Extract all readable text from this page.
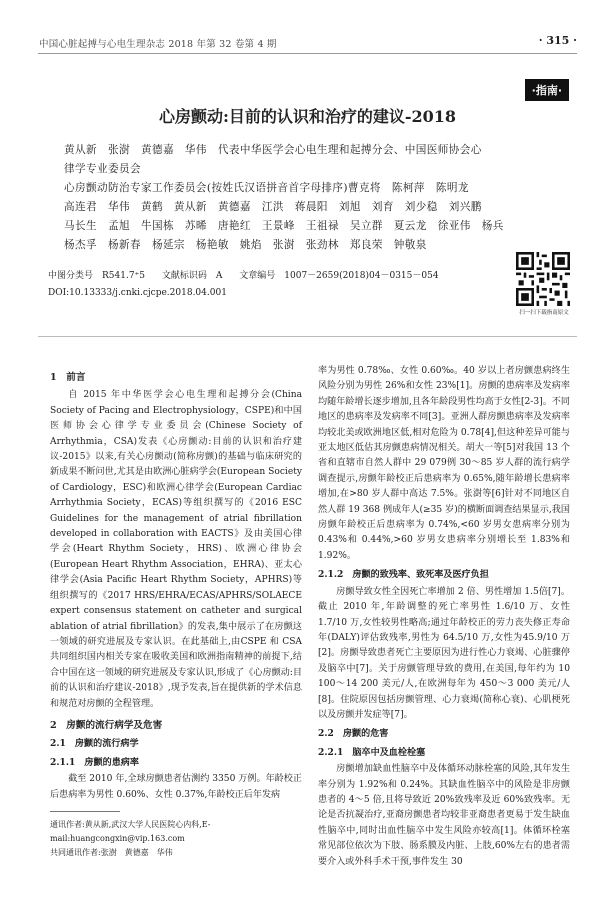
中国心脏起搏与心电生理杂志 2018 年第 32 卷第 4 期	· 315 ·
·指南·
心房颤动:目前的认识和治疗的建议-2018
黄从新　张澍　黄德嘉　华伟　代表中华医学会心电生理和起搏分会、中国医师协会心
律学专业委员会
心房颤动防治专家工作委员会(按姓氏汉语拼音首字母排序)曹克将　陈柯萍　陈明龙
高连君　华伟　黄鹤　黄从新　黄德嘉　江洪　蒋晨阳　刘旭　刘育　刘少稳　刘兴鹏
马长生　孟旭　牛国栋　苏晞　唐艳红　王景峰　王祖禄　吴立群　夏云龙　徐亚伟　杨兵
杨杰孚　杨新春　杨延宗　杨艳敏　姚焰　张澍　张劲林　郑良荣　钟敬泉
中图分类号　R541.7⁺5 文献标识码　A 文章编号　1007－2659(2018)04－0315－054
DOI:10.13333/j.cnki.cjcpe.2018.04.001
扫一扫下载指南原文
1　前言

自 2015 年中华医学会心电生理和起搏分会(China Society of Pacing and Electrophysiology，CSPE)和中国医师协会心律学专业委员会(Chinese Society of Arrhythmia，CSA)发表《心房颤动:目前的认识和治疗建议-2015》以来,有关心房颤动(简称房颤)的基础与临床研究的新成果不断问世,尤其是由欧洲心脏病学会(European Society of Cardiology，ESC)和欧洲心律学会(European Cardiac Arrhythmia Society，ECAS)等组织撰写的《2016 ESC Guidelines for the management of atrial fibrillation developed in collaboration with EACTS》及由美国心律学会(Heart Rhythm Society，HRS)、欧洲心律协会(European Heart Rhythm Association，EHRA)、亚太心律学会(Asia Pacific Heart Rhythm Society，APHRS)等组织撰写的《2017 HRS/EHRA/ECAS/APHRS/SOLAECE expert consensus statement on catheter and surgical ablation of atrial fibrillation》的发表,集中展示了在房颤这一领域的研究进展及专家认识。在此基础上,由CSPE 和 CSA 共同组织国内相关专家在吸收美国和欧洲指南精神的前提下,结合中国在这一领域的研究进展及专家认识,形成了《心房颤动:目前的认识和治疗建议-2018》,现予发表,旨在提供新的学术信息和规范对房颤的全程管理。

2　房颤的流行病学及危害
2.1　房颤的流行病学
2.1.1　房颤的患病率

截至 2010 年,全球房颤患者估测约 3350 万例。年龄校正后患病率为男性 0.60%、女性 0.37%,年龄校正后年发病

率为男性 0.78‰、女性 0.60‰。40 岁以上者房颤患病终生风险分别为男性 26%和女性 23%[1]。房颤的患病率及发病率均随年龄增长逐步增加,且各年龄段男性均高于女性[2-3]。不同地区的患病率及发病率不同[3]。亚洲人群房颤患病率及发病率均较北美或欧洲地区低,相对危险为 0.78[4],但这种差异可能与亚太地区低估其房颤患病情况相关。胡大一等[5]对我国 13 个省和直辖市自然人群中 29 079例 30～85 岁人群的流行病学调查提示,房颤年龄校正后患病率为 0.65%,随年龄增长患病率增加,在>80 岁人群中高达 7.5%。张澍等[6]针对不同地区自然人群 19 368 例成年人(≥35 岁)的横断面调查结果显示,我国房颤年龄校正后患病率为 0.74%,<60 岁男女患病率分别为 0.43%和 0.44%,>60 岁男女患病率分别增长至 1.83%和 1.92%。

2.1.2　房颤的致残率、致死率及医疗负担

房颤导致女性全因死亡率增加 2 倍、男性增加 1.5倍[7]。截止 2010 年,年龄调整的死亡率男性 1.6/10 万、女性 1.7/10 万,女性较男性略高;通过年龄校正的劳力丧失修正寿命年(DALY)评估致残率,男性为 64.5/10 万,女性为45.9/10 万[2]。房颤导致患者死亡主要原因为进行性心力衰竭、心脏骤停及脑卒中[7]。关于房颤管理导致的费用,在美国,每年约为 10 100～14 200 美元/人,在欧洲每年为 450～3 000 美元/人[8]。住院原因包括房颤管理、心力衰竭(简称心衰)、心肌梗死以及房颤并发症等[7]。

2.2　房颤的危害
2.2.1　脑卒中及血栓栓塞

房颤增加缺血性脑卒中及体循环动脉栓塞的风险,其年发生率分别为 1.92%和 0.24%。其缺血性脑卒中的风险是非房颤患者的 4～5 倍,且将导致近 20%致残率及近 60%致残率。无论是否抗凝治疗,亚裔房颤患者均较非亚裔患者更易于发生缺血性脑卒中,同时出血性脑卒中发生风险亦较高[1]。体循环栓塞常见部位依次为下肢、肠系膜及内脏、上肢,60%左右的患者需要介入或外科手术干预,事件发生 30

通讯作者:黄从新,武汉大学人民医院心内科,E-mail:huangcongxin@vip.163.com
共同通讯作者:张澍　黄德嘉　华伟
